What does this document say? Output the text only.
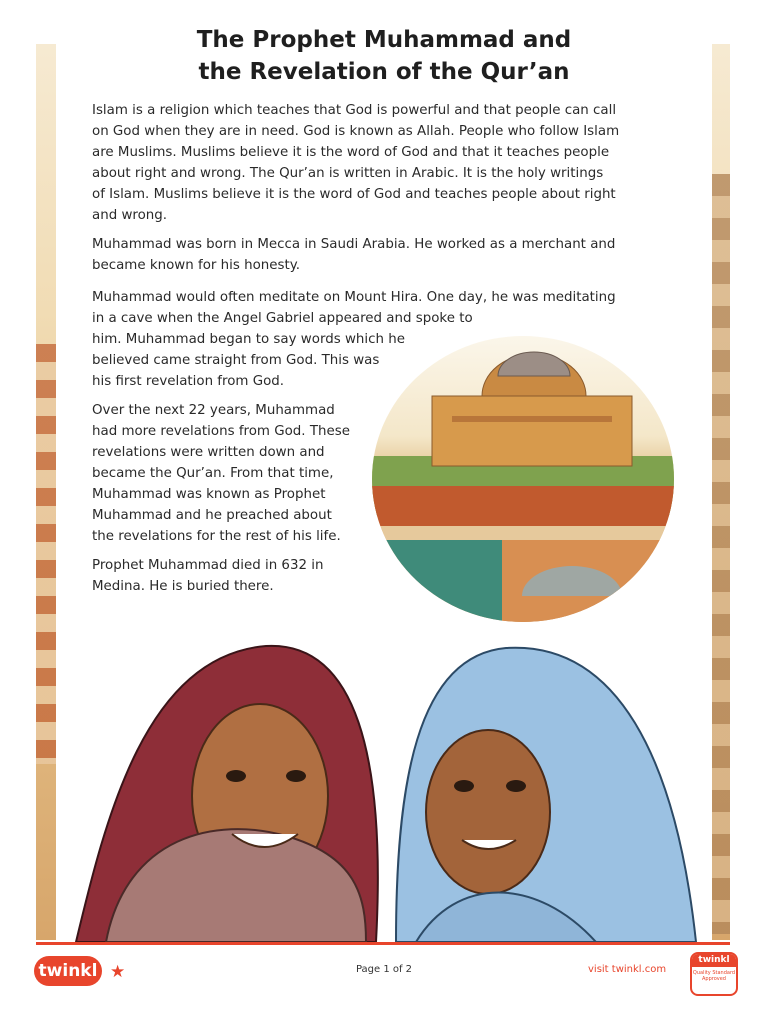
The Prophet Muhammad and
the Revelation of the Qur’an
Islam is a religion which teaches that God is powerful and that people can call
on God when they are in need. God is known as Allah. People who follow Islam
are Muslims. Muslims believe it is the word of God and that it teaches people
about right and wrong. The Qur’an is written in Arabic. It is the holy writings
of Islam. Muslims believe it is the word of God and teaches people about right
and wrong.
Muhammad was born in Mecca in Saudi Arabia. He worked as a merchant and
became known for his honesty.
Muhammad would often meditate on Mount Hira. One day, he was meditating
in a cave when the Angel Gabriel appeared and spoke to
him. Muhammad began to say words which he
believed came straight from God. This was
his first revelation from God.
Over the next 22 years, Muhammad
had more revelations from God. These
revelations were written down and
became the Qur’an. From that time,
Muhammad was known as Prophet
Muhammad and he preached about
the revelations for the rest of his life.
Prophet Muhammad died in 632 in
Medina. He is buried there.
twinkl ★	Page 1 of 2	visit twinkl.com
twinkl
Quality Standard Approved
